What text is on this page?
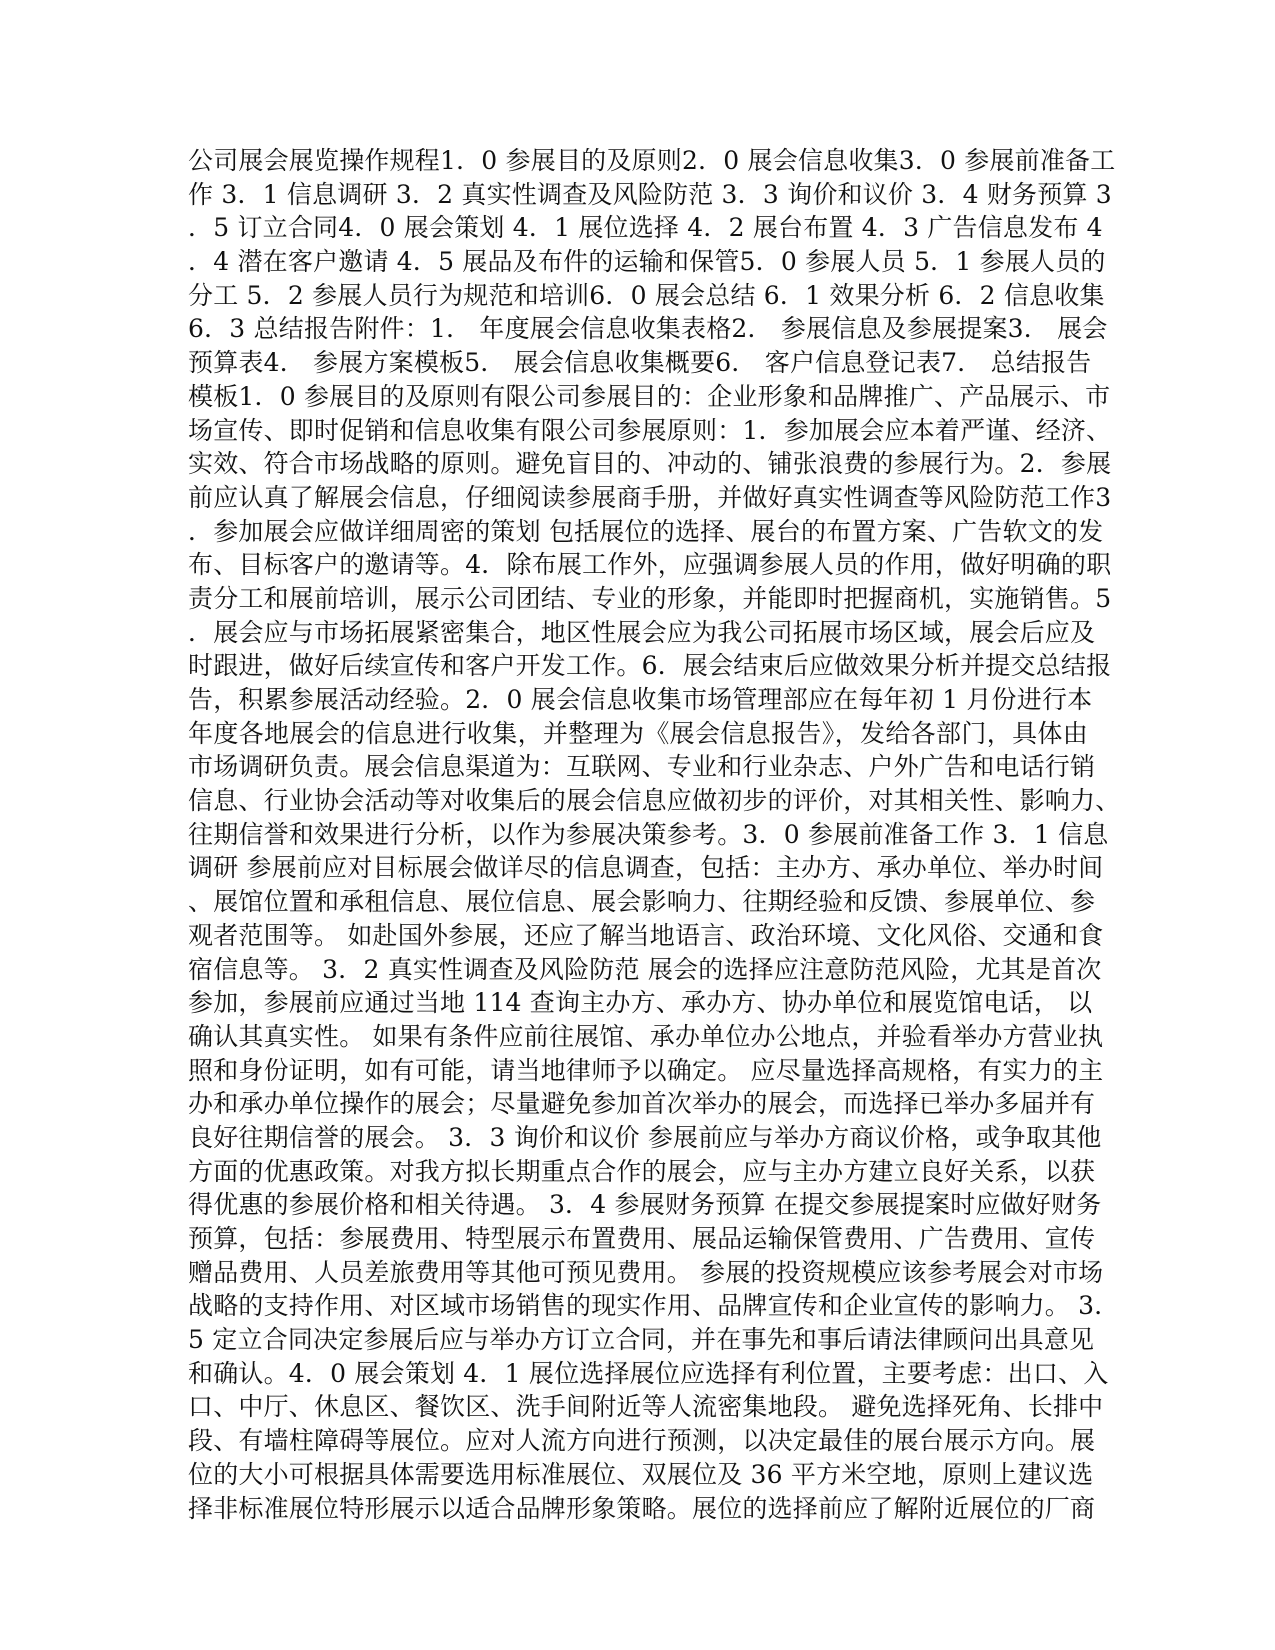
公司展会展览操作规程1．0 参展目的及原则2．0 展会信息收集3．0 参展前准备工
作 3．1 信息调研 3．2 真实性调查及风险防范 3．3 询价和议价 3．4 财务预算 3
．5 订立合同4．0 展会策划 4．1 展位选择 4．2 展台布置 4．3 广告信息发布 4
．4 潜在客户邀请 4．5 展品及布件的运输和保管5．0 参展人员 5．1 参展人员的
分工 5．2 参展人员行为规范和培训6．0 展会总结 6．1 效果分析 6．2 信息收集
6．3 总结报告附件：1． 年度展会信息收集表格2． 参展信息及参展提案3． 展会
预算表4． 参展方案模板5． 展会信息收集概要6． 客户信息登记表7． 总结报告
模板1．0 参展目的及原则有限公司参展目的：企业形象和品牌推广、产品展示、市
场宣传、即时促销和信息收集有限公司参展原则：1．参加展会应本着严谨、经济、
实效、符合市场战略的原则。避免盲目的、冲动的、铺张浪费的参展行为。2．参展
前应认真了解展会信息，仔细阅读参展商手册，并做好真实性调查等风险防范工作3
．参加展会应做详细周密的策划 包括展位的选择、展台的布置方案、广告软文的发
布、目标客户的邀请等。4．除布展工作外，应强调参展人员的作用，做好明确的职
责分工和展前培训，展示公司团结、专业的形象，并能即时把握商机，实施销售。5
．展会应与市场拓展紧密集合，地区性展会应为我公司拓展市场区域，展会后应及
时跟进，做好后续宣传和客户开发工作。6．展会结束后应做效果分析并提交总结报
告，积累参展活动经验。2．0 展会信息收集市场管理部应在每年初 1 月份进行本
年度各地展会的信息进行收集，并整理为《展会信息报告》，发给各部门，具体由
市场调研负责。展会信息渠道为：互联网、专业和行业杂志、户外广告和电话行销
信息、行业协会活动等对收集后的展会信息应做初步的评价，对其相关性、影响力、
往期信誉和效果进行分析，以作为参展决策参考。3．0 参展前准备工作 3．1 信息
调研 参展前应对目标展会做详尽的信息调查，包括：主办方、承办单位、举办时间
、展馆位置和承租信息、展位信息、展会影响力、往期经验和反馈、参展单位、参
观者范围等。 如赴国外参展，还应了解当地语言、政治环境、文化风俗、交通和食
宿信息等。 3．2 真实性调查及风险防范 展会的选择应注意防范风险，尤其是首次
参加，参展前应通过当地 114 查询主办方、承办方、协办单位和展览馆电话， 以
确认其真实性。 如果有条件应前往展馆、承办单位办公地点，并验看举办方营业执
照和身份证明，如有可能，请当地律师予以确定。 应尽量选择高规格，有实力的主
办和承办单位操作的展会；尽量避免参加首次举办的展会，而选择已举办多届并有
良好往期信誉的展会。 3．3 询价和议价 参展前应与举办方商议价格，或争取其他
方面的优惠政策。对我方拟长期重点合作的展会，应与主办方建立良好关系，以获
得优惠的参展价格和相关待遇。 3．4 参展财务预算 在提交参展提案时应做好财务
预算，包括：参展费用、特型展示布置费用、展品运输保管费用、广告费用、宣传
赠品费用、人员差旅费用等其他可预见费用。 参展的投资规模应该参考展会对市场
战略的支持作用、对区域市场销售的现实作用、品牌宣传和企业宣传的影响力。 3．
5 定立合同决定参展后应与举办方订立合同，并在事先和事后请法律顾问出具意见
和确认。4．0 展会策划 4．1 展位选择展位应选择有利位置，主要考虑：出口、入
口、中厅、休息区、餐饮区、洗手间附近等人流密集地段。 避免选择死角、长排中
段、有墙柱障碍等展位。应对人流方向进行预测，以决定最佳的展台展示方向。展
位的大小可根据具体需要选用标准展位、双展位及 36 平方米空地，原则上建议选
择非标准展位特形展示以适合品牌形象策略。展位的选择前应了解附近展位的厂商
